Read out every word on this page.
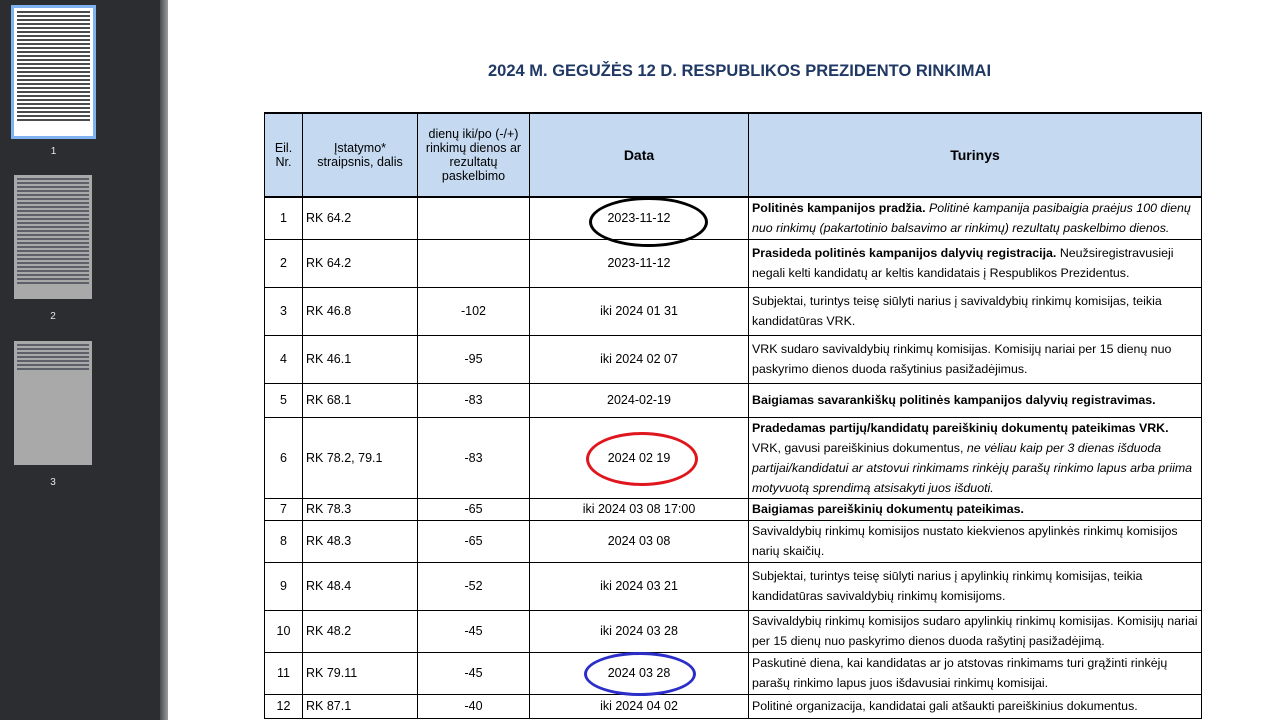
1
2
3
2024 M. GEGUŽĖS 12 D. RESPUBLIKOS PREZIDENTO RINKIMAI
Eil. Nr.	Įstatymo* straipsnis, dalis	dienų iki/po (-/+) rinkimų dienos ar rezultatų paskelbimo	Data	Turinys
1	RK 64.2		2023-11-12	Politinės kampanijos pradžia. Politinė kampanija pasibaigia praėjus 100 dienų nuo rinkimų (pakartotinio balsavimo ar rinkimų) rezultatų paskelbimo dienos.
2	RK 64.2		2023-11-12	Prasideda politinės kampanijos dalyvių registracija. Neužsiregistravusieji negali kelti kandidatų ar keltis kandidatais į Respublikos Prezidentus.
3	RK 46.8	-102	iki 2024 01 31	Subjektai, turintys teisę siūlyti narius į savivaldybių rinkimų komisijas, teikia kandidatūras VRK.
4	RK 46.1	-95	iki 2024 02 07	VRK sudaro savivaldybių rinkimų komisijas. Komisijų nariai per 15 dienų nuo paskyrimo dienos duoda rašytinius pasižadėjimus.
5	RK 68.1	-83	2024-02-19	Baigiamas savarankiškų politinės kampanijos dalyvių registravimas.
6	RK 78.2, 79.1	-83	2024 02 19	Pradedamas partijų/kandidatų pareiškinių dokumentų pateikimas VRK. VRK, gavusi pareiškinius dokumentus, ne vėliau kaip per 3 dienas išduoda partijai/kandidatui ar atstovui rinkimams rinkėjų parašų rinkimo lapus arba priima motyvuotą sprendimą atsisakyti juos išduoti.
7	RK 78.3	-65	iki 2024 03 08 17:00	Baigiamas pareiškinių dokumentų pateikimas.
8	RK 48.3	-65	2024 03 08	Savivaldybių rinkimų komisijos nustato kiekvienos apylinkės rinkimų komisijos narių skaičių.
9	RK 48.4	-52	iki 2024 03 21	Subjektai, turintys teisę siūlyti narius į apylinkių rinkimų komisijas, teikia kandidatūras savivaldybių rinkimų komisijoms.
10	RK 48.2	-45	iki 2024 03 28	Savivaldybių rinkimų komisijos sudaro apylinkių rinkimų komisijas. Komisijų nariai per 15 dienų nuo paskyrimo dienos duoda rašytinį pasižadėjimą.
11	RK 79.11	-45	2024 03 28	Paskutinė diena, kai kandidatas ar jo atstovas rinkimams turi grąžinti rinkėjų parašų rinkimo lapus juos išdavusiai rinkimų komisijai.
12	RK 87.1	-40	iki 2024 04 02	Politinė organizacija, kandidatai gali atšaukti pareiškinius dokumentus.
